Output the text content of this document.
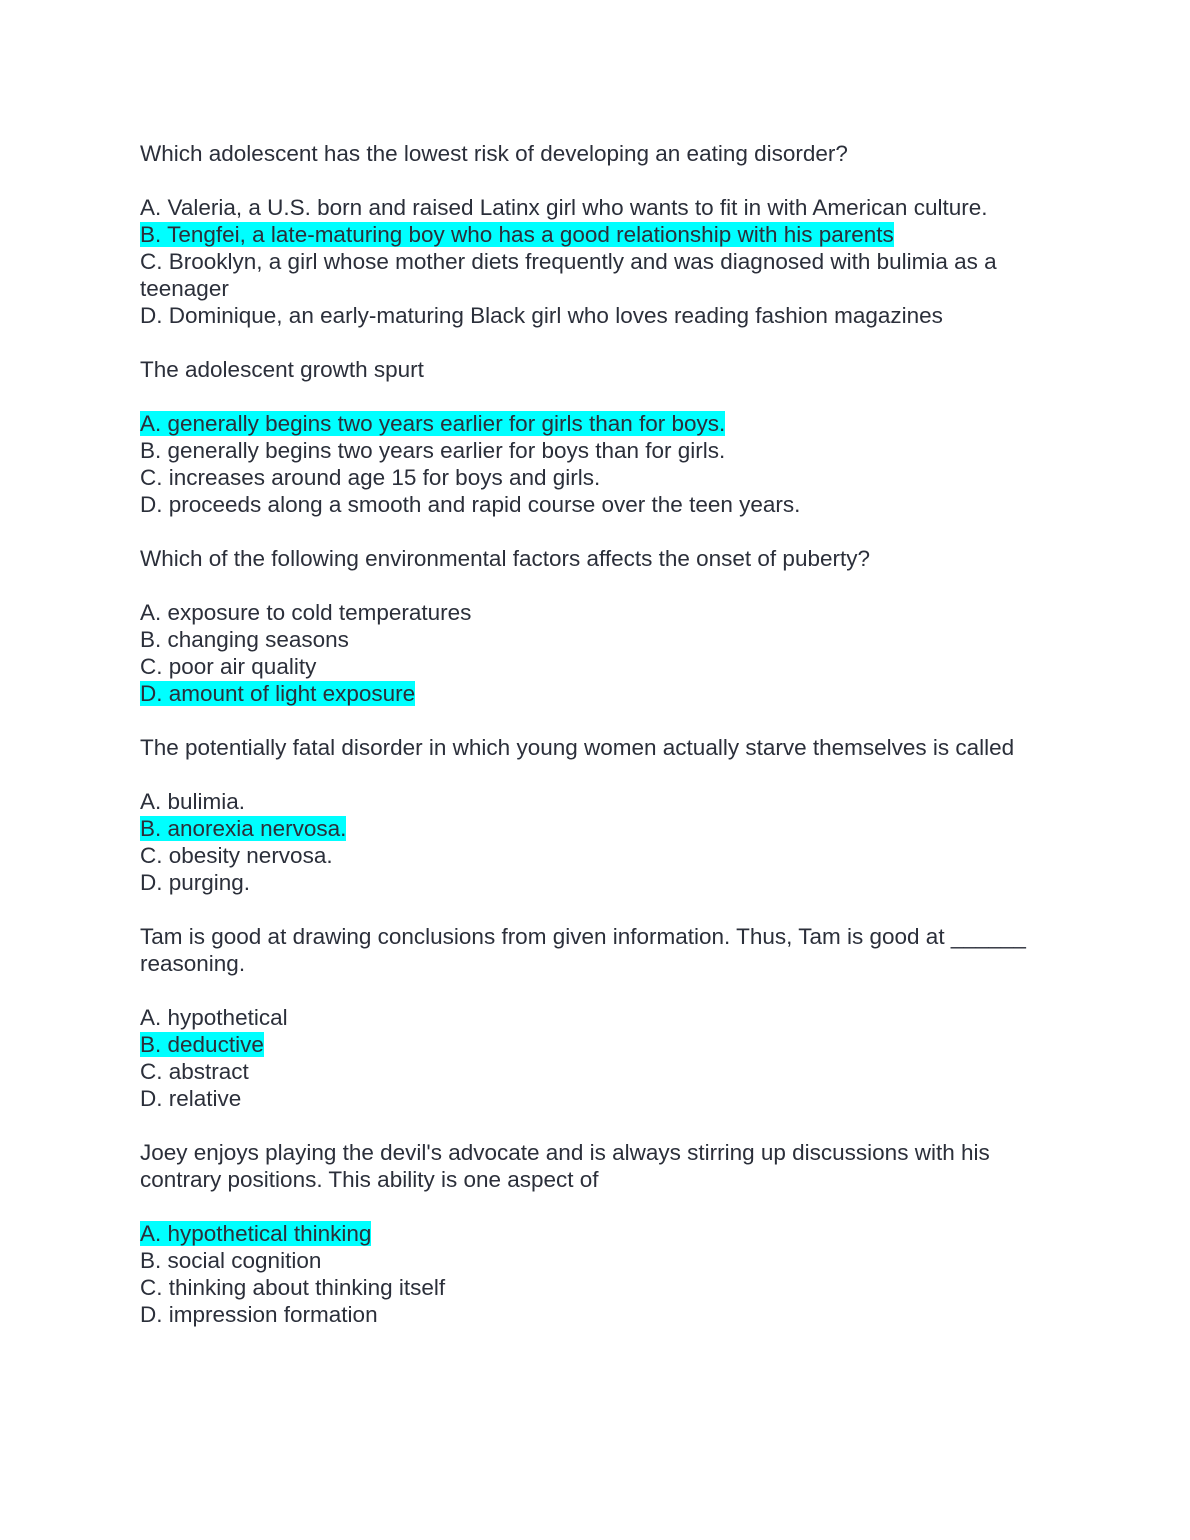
Which adolescent has the lowest risk of developing an eating disorder?

A. Valeria, a U.S. born and raised Latinx girl who wants to fit in with American culture.

B. Tengfei, a late-maturing boy who has a good relationship with his parents

C. Brooklyn, a girl whose mother diets frequently and was diagnosed with bulimia as a teenager

D. Dominique, an early-maturing Black girl who loves reading fashion magazines

The adolescent growth spurt

A. generally begins two years earlier for girls than for boys.

B. generally begins two years earlier for boys than for girls.

C. increases around age 15 for boys and girls.

D. proceeds along a smooth and rapid course over the teen years.

Which of the following environmental factors affects the onset of puberty?

A. exposure to cold temperatures

B. changing seasons

C. poor air quality

D. amount of light exposure

The potentially fatal disorder in which young women actually starve themselves is called

A. bulimia.

B. anorexia nervosa.

C. obesity nervosa.

D. purging.

Tam is good at drawing conclusions from given information. Thus, Tam is good at ______ reasoning.

A. hypothetical

B. deductive

C. abstract

D. relative

Joey enjoys playing the devil's advocate and is always stirring up discussions with his contrary positions. This ability is one aspect of

A. hypothetical thinking

B. social cognition

C. thinking about thinking itself

D. impression formation
